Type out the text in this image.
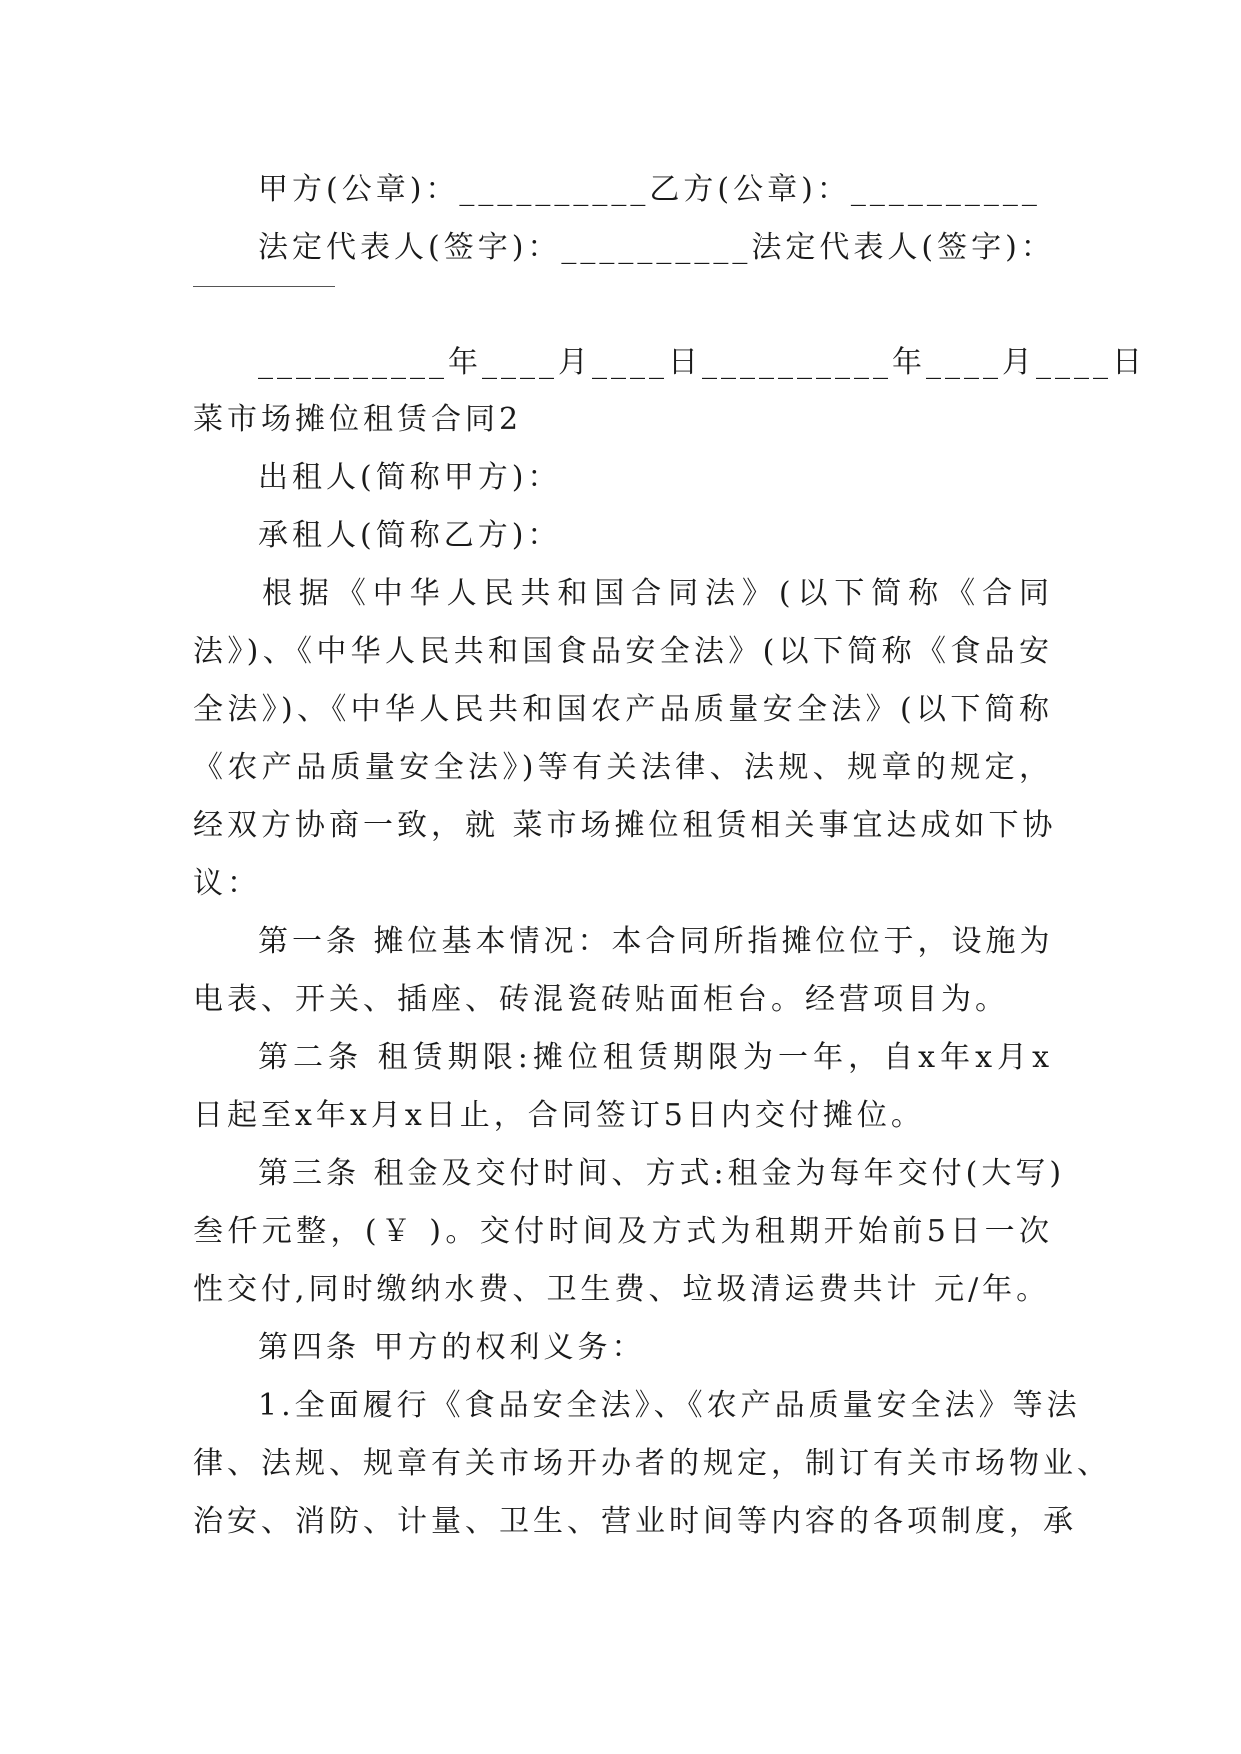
甲方(公章)：__________乙方(公章)：__________
法定代表人(签字)：__________法定代表人(签字)：
__________年____月____日__________年____月____日
菜市场摊位租赁合同2
出租人(简称甲方)：
承租人(简称乙方)：
根据《中华人民共和国合同法》(以下简称《合同
法》)、《中华人民共和国食品安全法》(以下简称《食品安
全法》)、《中华人民共和国农产品质量安全法》(以下简称
《农产品质量安全法》)等有关法律、法规、规章的规定，
经双方协商一致，就 菜市场摊位租赁相关事宜达成如下协
议：
第一条 摊位基本情况：本合同所指摊位位于，设施为
电表、开关、插座、砖混瓷砖贴面柜台。经营项目为。
第二条 租赁期限:摊位租赁期限为一年，自x年x月x
日起至x年x月x日止，合同签订5日内交付摊位。
第三条 租金及交付时间、方式:租金为每年交付(大写)
叁仟元整，(￥ )。交付时间及方式为租期开始前5日一次
性交付,同时缴纳水费、卫生费、垃圾清运费共计 元/年。
第四条 甲方的权利义务：
1.全面履行《食品安全法》、《农产品质量安全法》等法
律、法规、规章有关市场开办者的规定，制订有关市场物业、
治安、消防、计量、卫生、营业时间等内容的各项制度，承
